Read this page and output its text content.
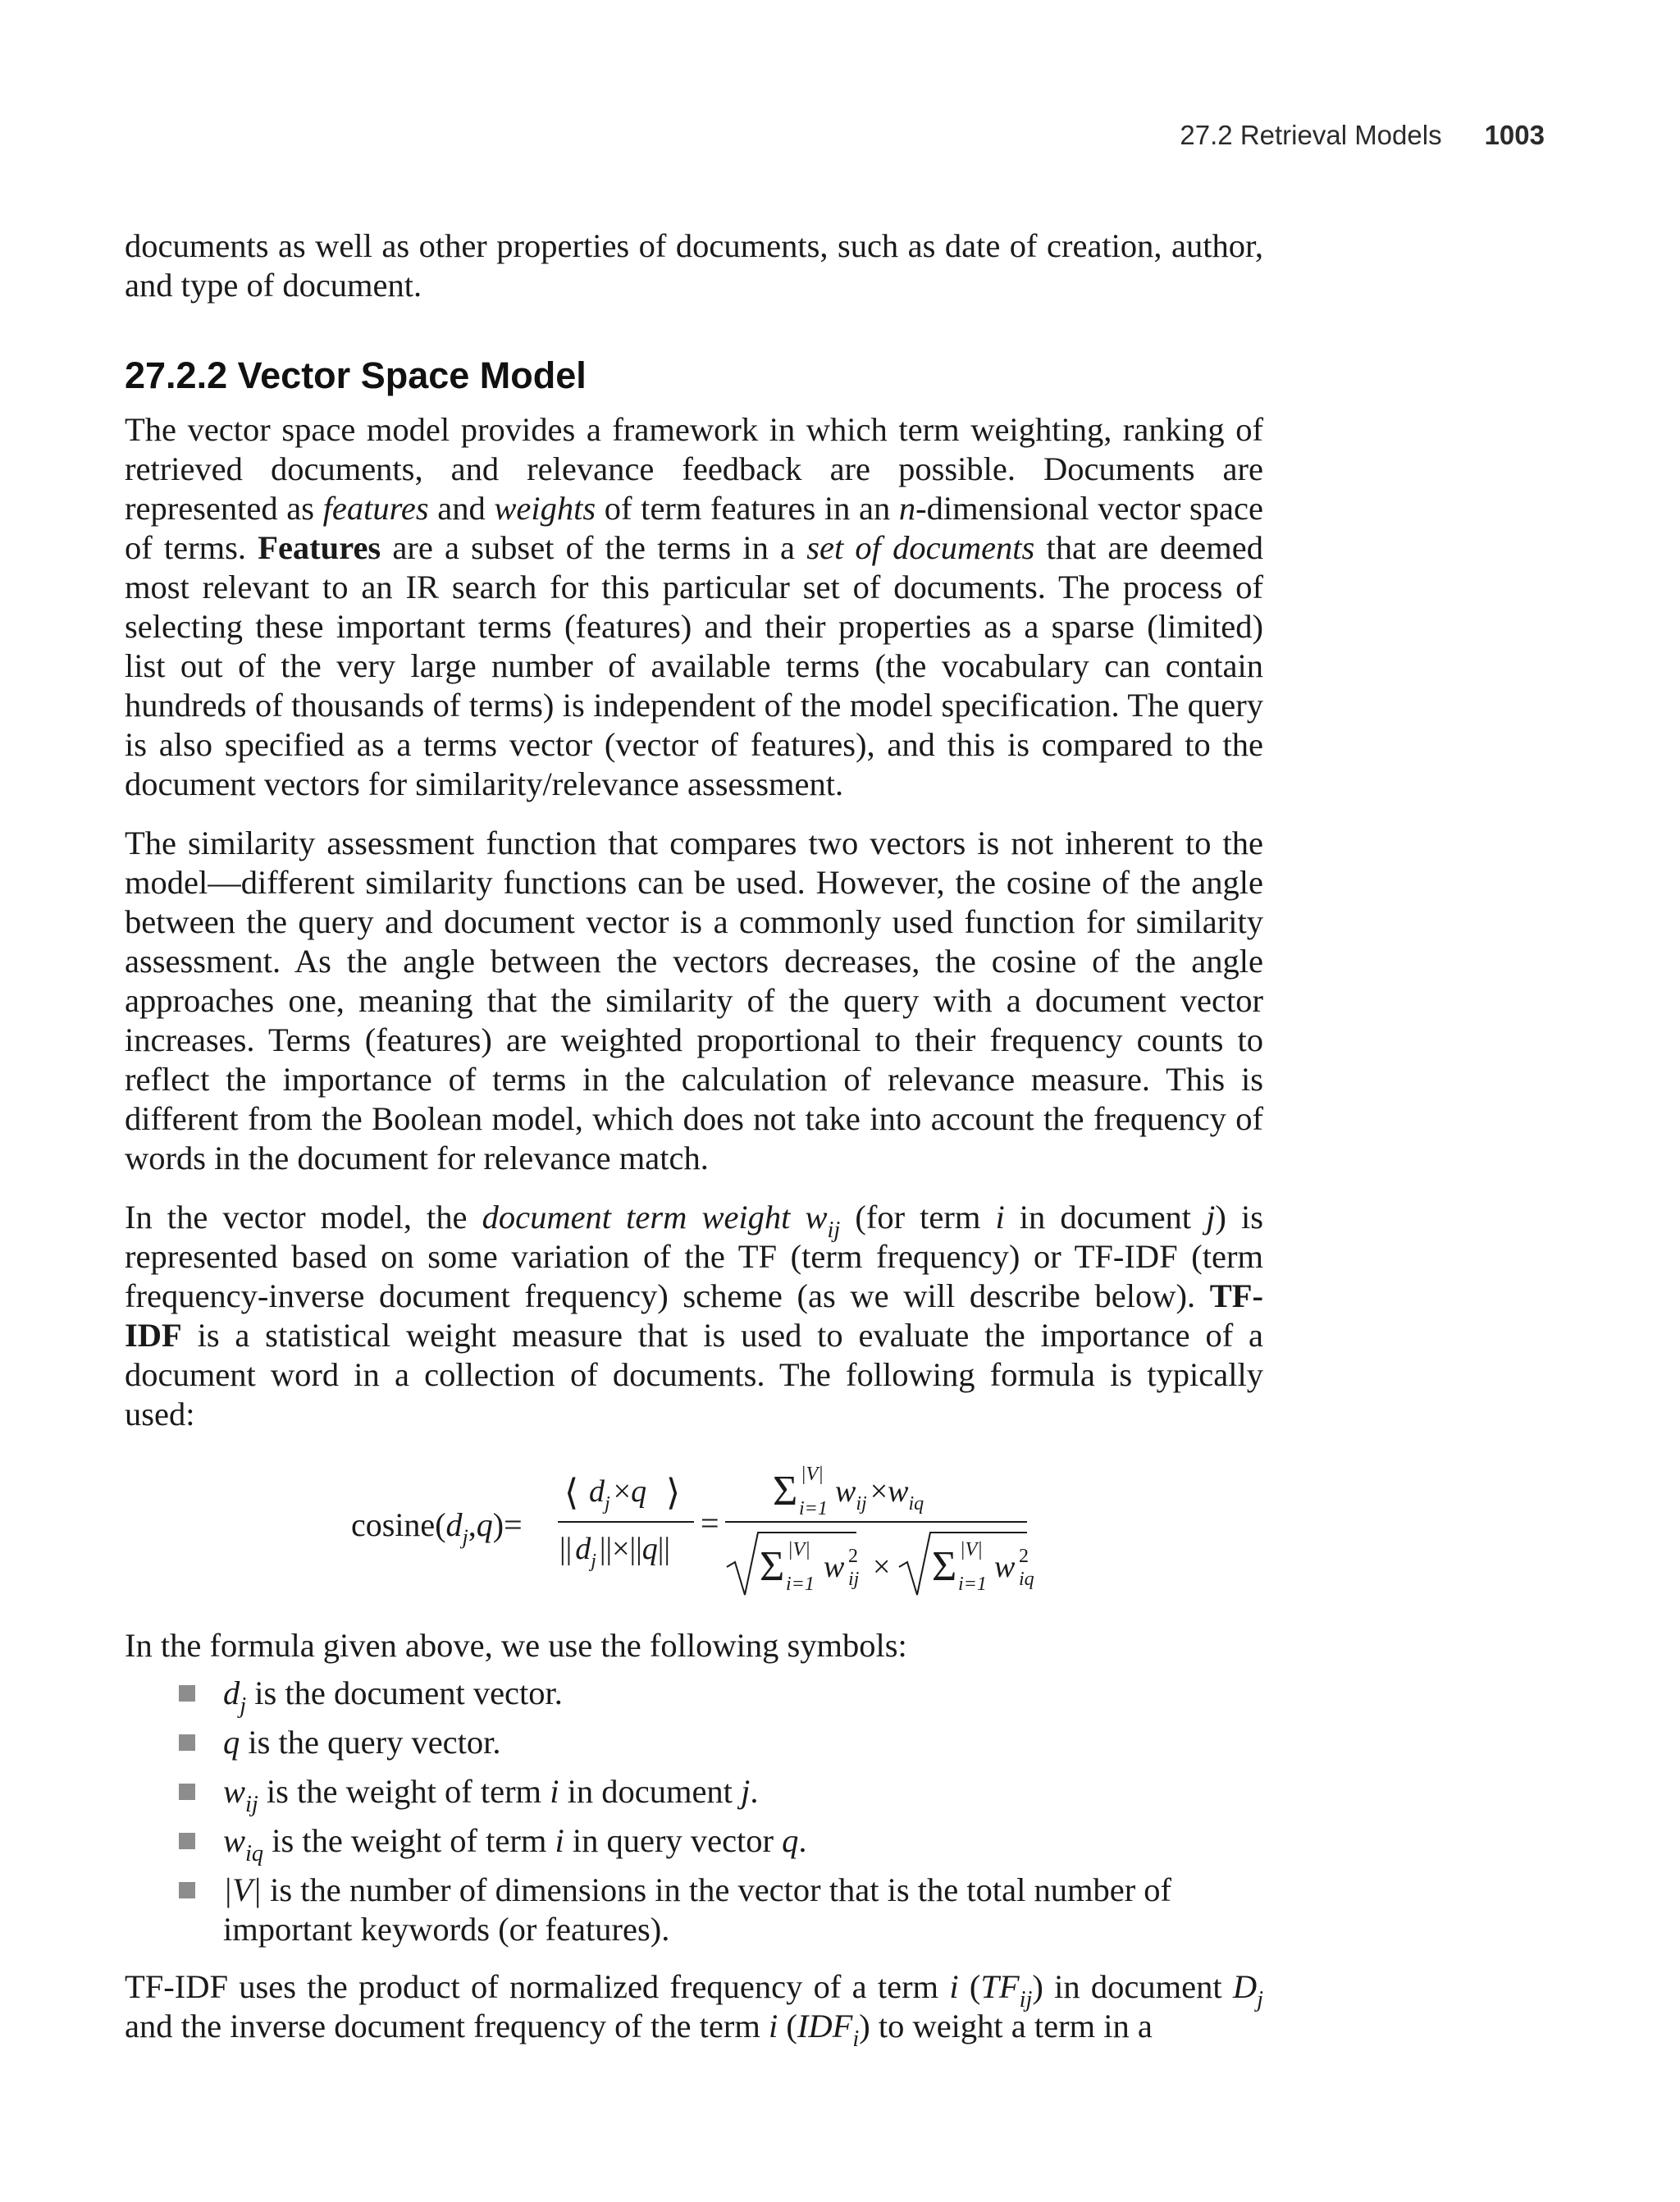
27.2 Retrieval Models 1003

documents as well as other properties of documents, such as date of creation, author, and type of document.

27.2.2 Vector Space Model

The vector space model provides a framework in which term weighting, ranking of retrieved documents, and relevance feedback are possible. Documents are represented as features and weights of term features in an n-dimensional vector space of terms. Features are a subset of the terms in a set of documents that are deemed most relevant to an IR search for this particular set of documents. The process of selecting these important terms (features) and their properties as a sparse (limited) list out of the very large number of available terms (the vocabulary can contain hundreds of thousands of terms) is independent of the model specification. The query is also specified as a terms vector (vector of features), and this is compared to the document vectors for similarity/relevance assessment.

The similarity assessment function that compares two vectors is not inherent to the model—different similarity functions can be used. However, the cosine of the angle between the query and document vector is a commonly used function for similarity assessment. As the angle between the vectors decreases, the cosine of the angle approaches one, meaning that the similarity of the query with a document vector increases. Terms (features) are weighted proportional to their frequency counts to reflect the importance of terms in the calculation of relevance measure. This is different from the Boolean model, which does not take into account the frequency of words in the document for relevance match.

In the vector model, the document term weight $w_{ij}$ (for term i in document j) is represented based on some variation of the TF (term frequency) or TF-IDF (term frequency-inverse document frequency) scheme (as we will describe below). TF-IDF is a statistical weight measure that is used to evaluate the importance of a document word in a collection of documents. The following formula is typically used:

$cosine(d_j,q)=$
⟨ $d_j \times q$ ⟩
|| $d_j$ ||×||q||
=
Σ |V|
i=1 $w_{ij} \times w_{iq}$
Σ |V|
i=1 w 2
ij × Σ |V|
i=1 w 2
iq

In the formula given above, we use the following symbols:

$d_j$ is the document vector.
q is the query vector.
$w_{ij}$ is the weight of term i in document j.
$w_{iq}$ is the weight of term i in query vector q.
|V| is the number of dimensions in the vector that is the total number of important keywords (or features).

TF-IDF uses the product of normalized frequency of a term i $(TF_{ij})$ in document $D_j$ and the inverse document frequency of the term i $(IDF_i)$ to weight a term in a
